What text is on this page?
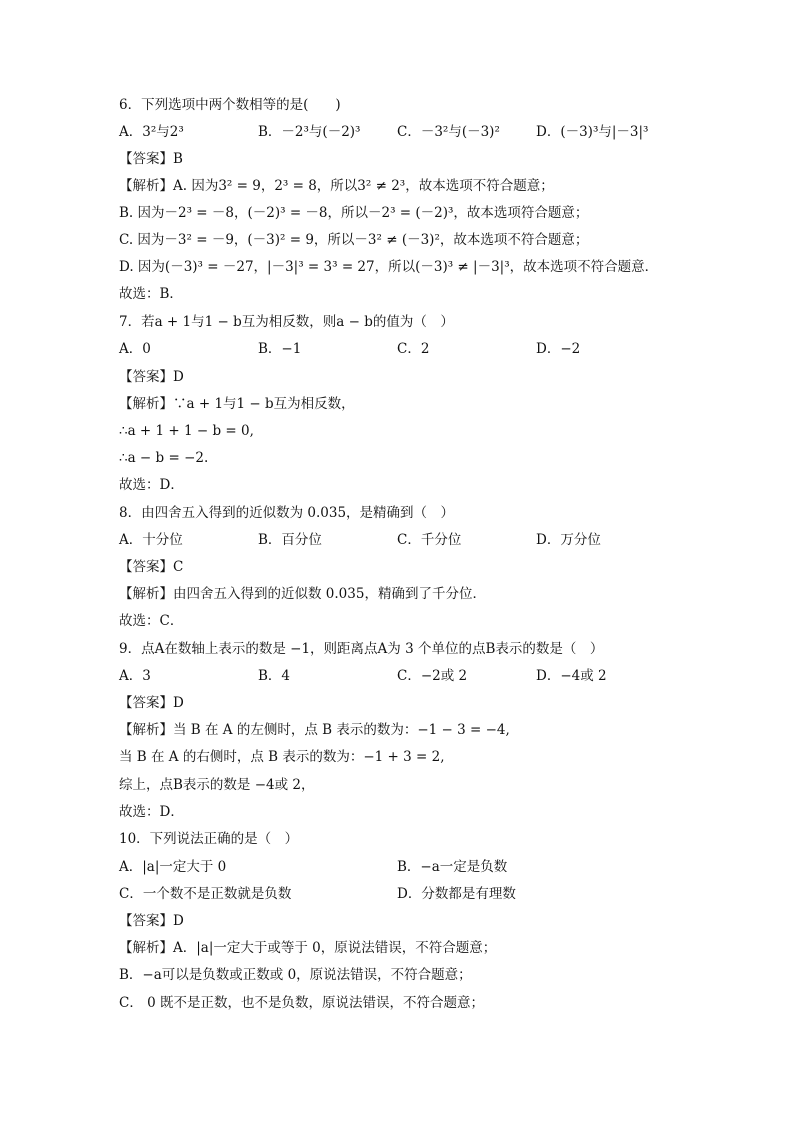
6．下列选项中两个数相等的是(　　)
A．3²与2³	B．－2³与(－2)³	C．－3²与(－3)²	D．(－3)³与|－3|³
【答案】B
【解析】A. 因为3² = 9，2³ = 8，所以3² ≠ 2³，故本选项不符合题意；
B. 因为－2³ = －8，(－2)³ = －8，所以－2³ = (－2)³，故本选项符合题意；
C. 因为－3² = －9，(－3)² = 9，所以－3² ≠ (－3)²，故本选项不符合题意；
D. 因为(－3)³ = －27，|－3|³ = 3³ = 27，所以(－3)³ ≠ |－3|³，故本选项不符合题意．
故选：B．
7．若a + 1与1 − b互为相反数，则a − b的值为（　）
A．0	B．−1	C．2	D．−2
【答案】D
【解析】∵a + 1与1 − b互为相反数，
∴a + 1 + 1 − b = 0,
∴a − b = −2.
故选：D．
8．由四舍五入得到的近似数为 0.035，是精确到（　）
A．十分位	B．百分位	C．千分位	D．万分位
【答案】C
【解析】由四舍五入得到的近似数 0.035，精确到了千分位．
故选：C．
9．点A在数轴上表示的数是 −1，则距离点A为 3 个单位的点B表示的数是（　）
A．3	B．4	C．−2或 2	D．−4或 2
【答案】D
【解析】当 B 在 A 的左侧时，点 B 表示的数为：−1 − 3 = −4,
当 B 在 A 的右侧时，点 B 表示的数为：−1 + 3 = 2,
综上，点B表示的数是 −4或 2，
故选：D．
10．下列说法正确的是（　）
A．|a|一定大于 0	B．−a一定是负数
C．一个数不是正数就是负数	D．分数都是有理数
【答案】D
【解析】A．|a|一定大于或等于 0，原说法错误，不符合题意；
B．−a可以是负数或正数或 0，原说法错误，不符合题意；
C． 0 既不是正数，也不是负数，原说法错误，不符合题意；
